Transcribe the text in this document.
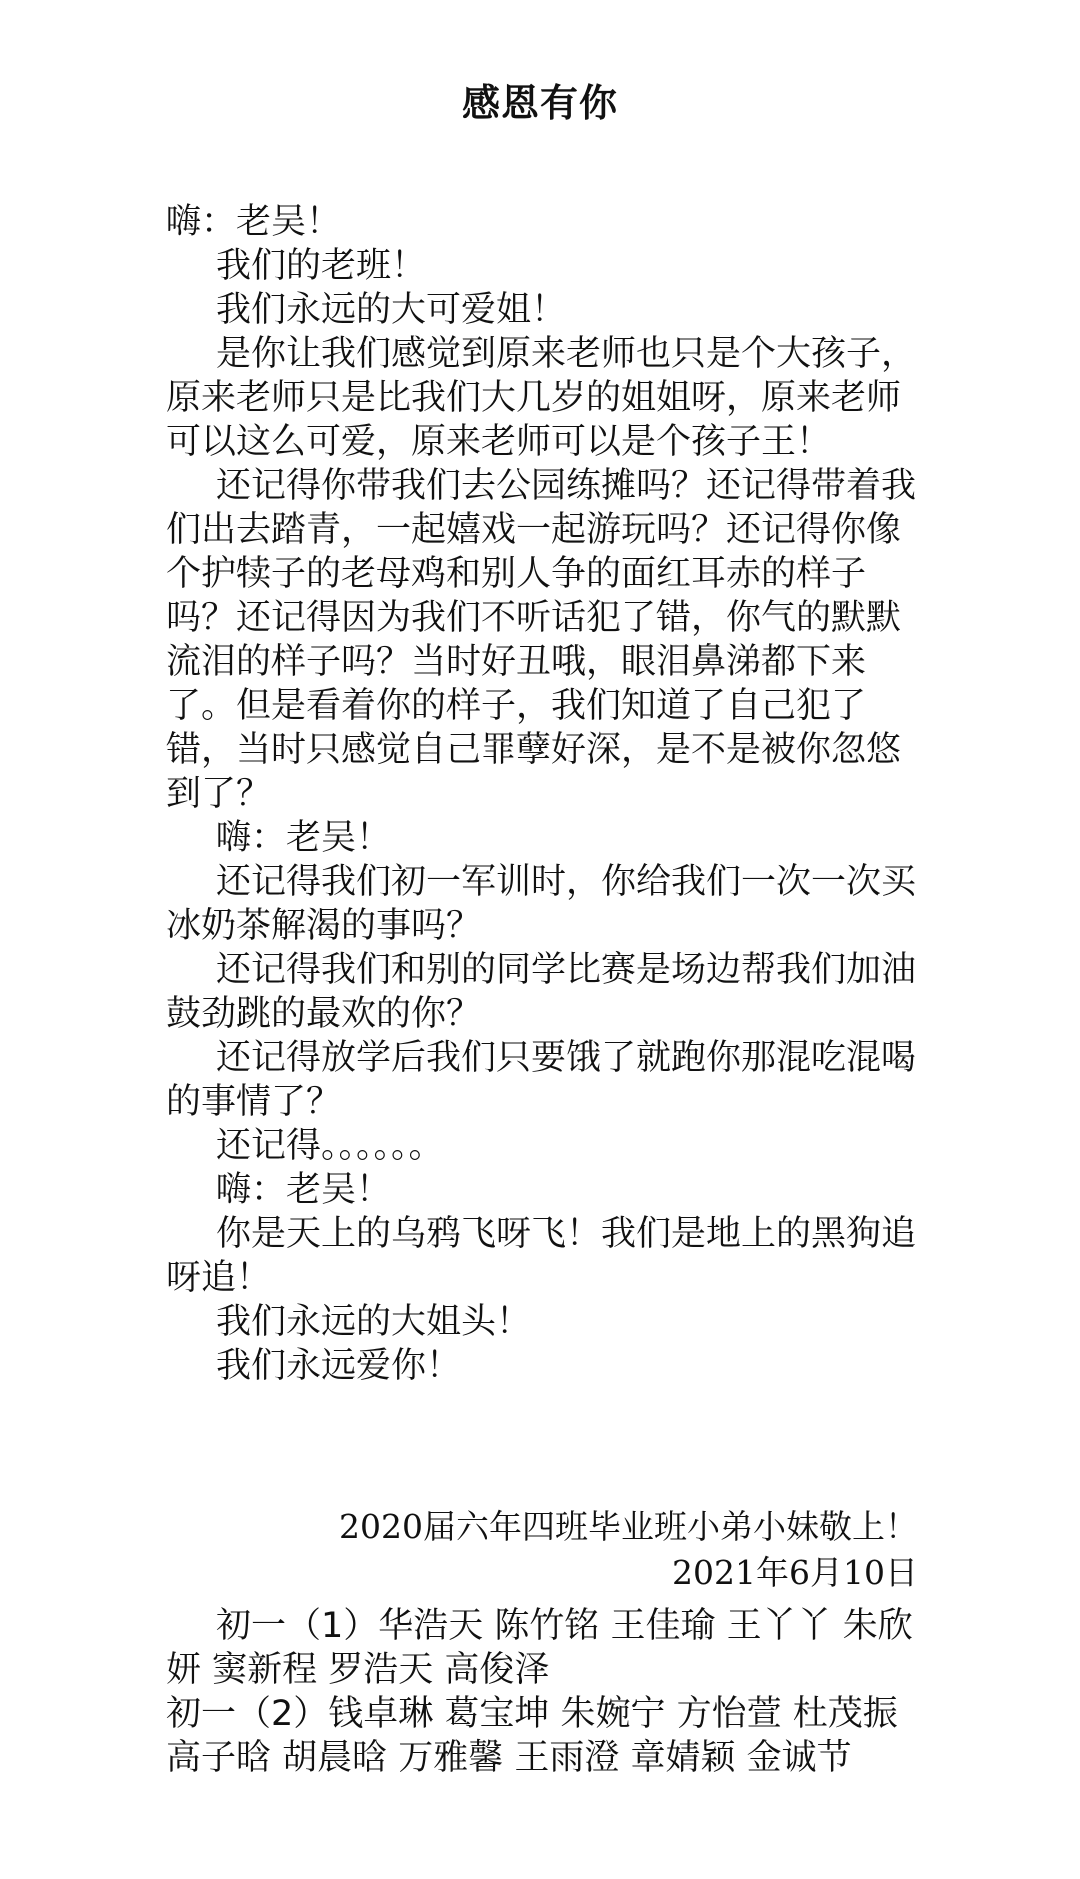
感恩有你

嗨：老吴！

我们的老班！

我们永远的大可爱姐！

是你让我们感觉到原来老师也只是个大孩子，原来老师只是比我们大几岁的姐姐呀，原来老师可以这么可爱，原来老师可以是个孩子王！

还记得你带我们去公园练摊吗？还记得带着我们出去踏青，一起嬉戏一起游玩吗？还记得你像个护犊子的老母鸡和别人争的面红耳赤的样子吗？还记得因为我们不听话犯了错，你气的默默流泪的样子吗？当时好丑哦，眼泪鼻涕都下来了。但是看着你的样子，我们知道了自己犯了错，当时只感觉自己罪孽好深，是不是被你忽悠到了？

嗨：老吴！

还记得我们初一军训时，你给我们一次一次买冰奶茶解渴的事吗？

还记得我们和别的同学比赛是场边帮我们加油鼓劲跳的最欢的你？

还记得放学后我们只要饿了就跑你那混吃混喝的事情了？

还记得。。。。。。

嗨：老吴！

你是天上的乌鸦飞呀飞！我们是地上的黑狗追呀追！

我们永远的大姐头！

我们永远爱你！

2020届六年四班毕业班小弟小妹敬上！
2021年6月10日

初一（1）华浩天 陈竹铭 王佳瑜 王丫丫 朱欣妍 窦新程 罗浩天 高俊泽

初一（2）钱卓琳 葛宝坤 朱婉宁 方怡萱 杜茂振 高子晗 胡晨晗 万雅馨 王雨澄 章婧颖 金诚节
